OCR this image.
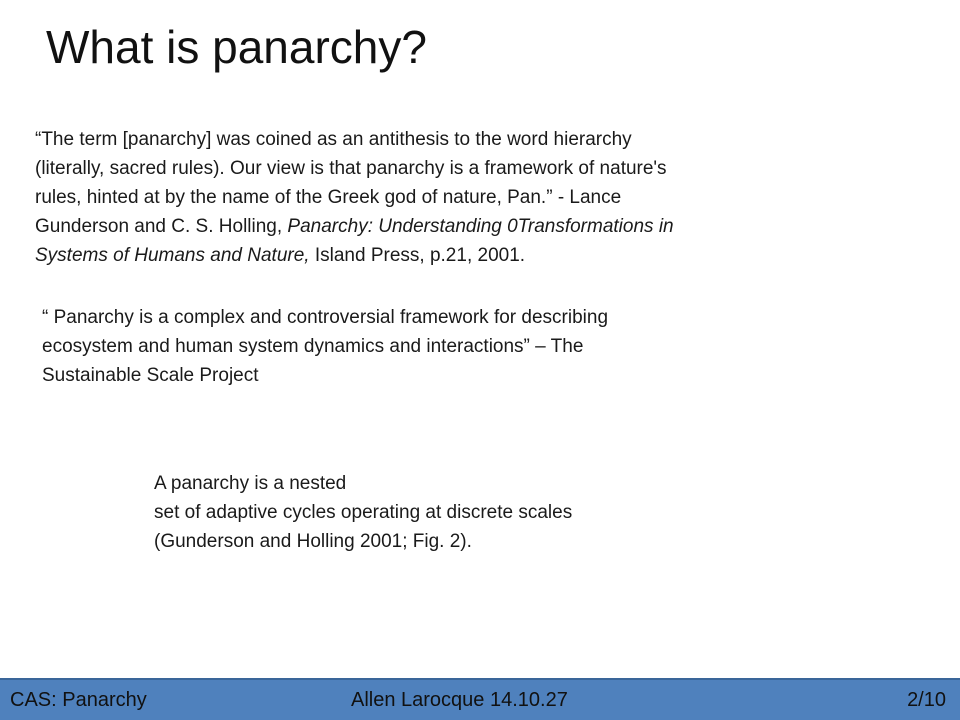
What is panarchy?
“The term [panarchy] was coined as an antithesis to the word hierarchy
(literally, sacred rules). Our view is that panarchy is a framework of nature's
rules, hinted at by the name of the Greek god of nature, Pan.” - Lance
Gunderson and C. S. Holling, Panarchy: Understanding 0Transformations in
Systems of Humans and Nature, Island Press, p.21, 2001.
“ Panarchy is a complex and controversial framework for describing
ecosystem and human system dynamics and interactions” – The
Sustainable Scale Project
A panarchy is a nested
set of adaptive cycles operating at discrete scales
(Gunderson and Holling 2001; Fig. 2).
CAS: Panarchy	Allen Larocque 14.10.27	2/10
